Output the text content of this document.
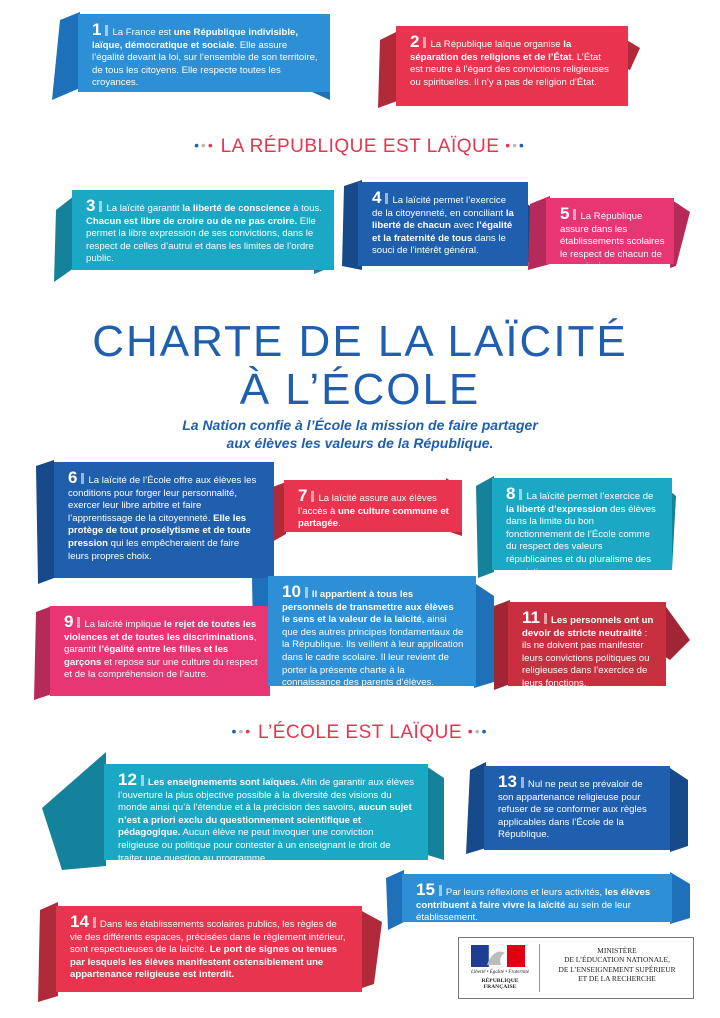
1 La France est une République indivisible, laïque, démocratique et sociale. Elle assure l’égalité devant la loi, sur l’ensemble de son territoire, de tous les citoyens. Elle respecte toutes les croyances.
2 La République laïque organise la séparation des religions et de l’État. L’État est neutre à l’égard des convictions religieuses ou spirituelles. Il n’y a pas de religion d’État.
3 La laïcité garantit la liberté de conscience à tous. Chacun est libre de croire ou de ne pas croire. Elle permet la libre expression de ses convictions, dans le respect de celles d’autrui et dans les limites de l’ordre public.
4 La laïcité permet l’exercice de la citoyenneté, en conciliant la liberté de chacun avec l’égalité et la fraternité de tous dans le souci de l’intérêt général.
5 La République assure dans les établissements scolaires le respect de chacun de ces principes.
6 La laïcité de l’École offre aux élèves les conditions pour forger leur personnalité, exercer leur libre arbitre et faire l’apprentissage de la citoyenneté. Elle les protège de tout prosélytisme et de toute pression qui les empêcheraient de faire leurs propres choix.
7 La laïcité assure aux élèves l’accès à une culture commune et partagée.
8 La laïcité permet l’exercice de la liberté d’expression des élèves dans la limite du bon fonctionnement de l’École comme du respect des valeurs républicaines et du pluralisme des convictions.
9 La laïcité implique le rejet de toutes les violences et de toutes les discriminations, garantit l’égalité entre les filles et les garçons et repose sur une culture du respect et de la compréhension de l’autre.
10 Il appartient à tous les personnels de transmettre aux élèves le sens et la valeur de la laïcité, ainsi que des autres principes fondamentaux de la République. Ils veillent à leur application dans le cadre scolaire. Il leur revient de porter la présente charte à la connaissance des parents d’élèves.
11 Les personnels ont un devoir de stricte neutralité : ils ne doivent pas manifester leurs convictions politiques ou religieuses dans l’exercice de leurs fonctions.
12 Les enseignements sont laïques. Afin de garantir aux élèves l’ouverture la plus objective possible à la diversité des visions du monde ainsi qu’à l’étendue et à la précision des savoirs, aucun sujet n’est a priori exclu du questionnement scientifique et pédagogique. Aucun élève ne peut invoquer une conviction religieuse ou politique pour contester à un enseignant le droit de traiter une question au programme.
13 Nul ne peut se prévaloir de son appartenance religieuse pour refuser de se conformer aux règles applicables dans l’École de la République.
14 Dans les établissements scolaires publics, les règles de vie des différents espaces, précisées dans le règlement intérieur, sont respectueuses de la laïcité. Le port de signes ou tenues par lesquels les élèves manifestent ostensiblement une appartenance religieuse est interdit.
15 Par leurs réflexions et leurs activités, les élèves contribuent à faire vivre la laïcité au sein de leur établissement.
••• LA RÉPUBLIQUE EST LAÏQUE •••
CHARTE DE LA LAÏCITÉ
À L’ÉCOLE
La Nation confie à l’École la mission de faire partager
aux élèves les valeurs de la République.
••• L’ÉCOLE EST LAÏQUE •••
Liberté • Égalité • Fraternité
RÉPUBLIQUE FRANÇAISE
MINISTÈRE
DE L’ÉDUCATION NATIONALE,
DE L’ENSEIGNEMENT SUPÉRIEUR
ET DE LA RECHERCHE
